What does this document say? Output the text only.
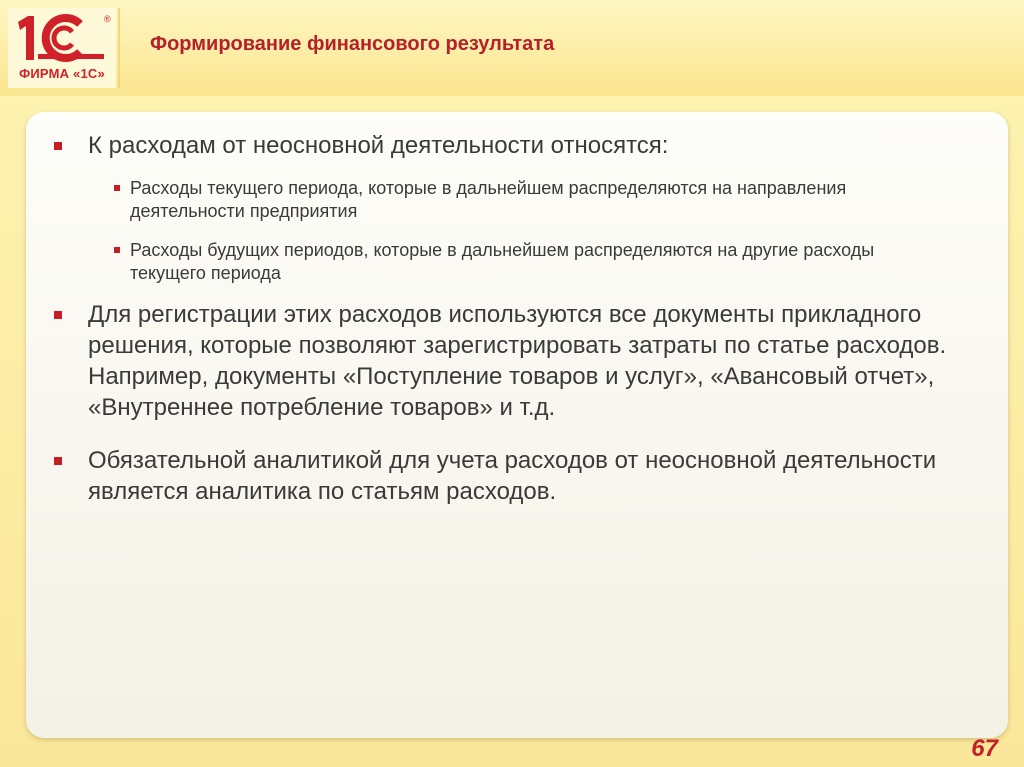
®
ФИРМА «1С»
Формирование финансового результата
К расходам от неосновной деятельности относятся:
Расходы текущего периода, которые в дальнейшем распределяются на направления деятельности предприятия
Расходы будущих периодов, которые в дальнейшем распределяются на другие расходы текущего периода
Для регистрации этих расходов используются все документы прикладного решения, которые позволяют зарегистрировать затраты по статье расходов. Например, документы «Поступление товаров и услуг», «Авансовый отчет», «Внутреннее потребление товаров» и т.д.
Обязательной аналитикой для учета расходов от неосновной деятельности является аналитика по статьям расходов.
67
